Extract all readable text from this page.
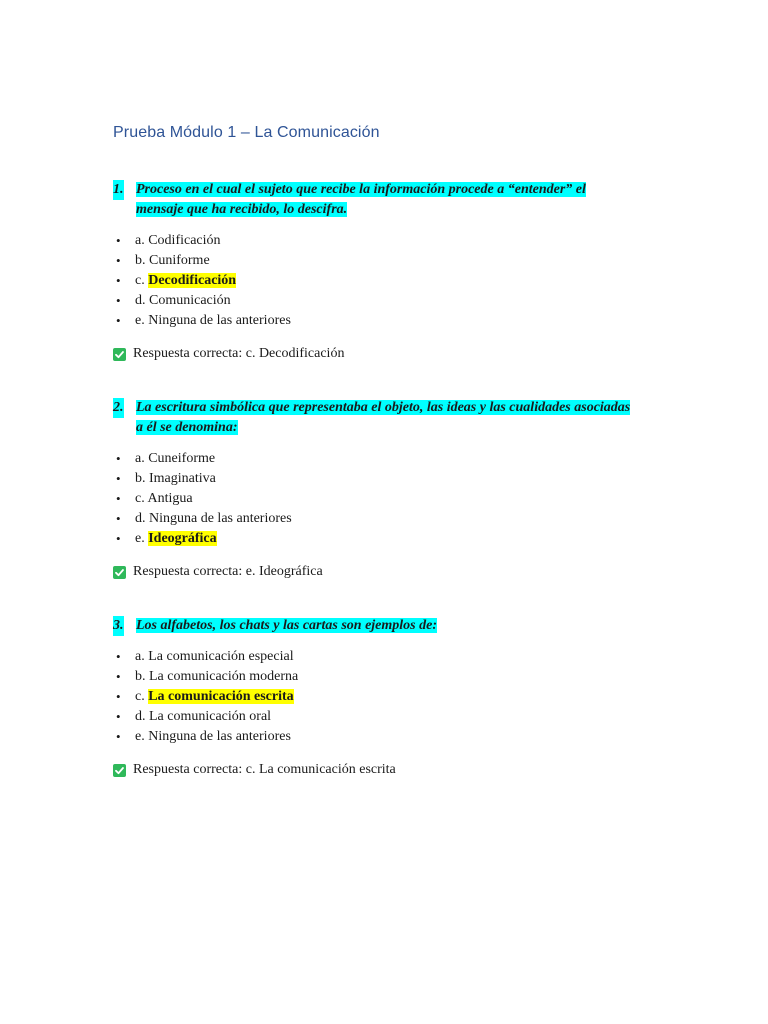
Prueba Módulo 1 – La Comunicación

1. Proceso en el cual el sujeto que recibe la información procede a “entender” el mensaje que ha recibido, lo descifra.

• a. Codificación
• b. Cuniforme
• c. Decodificación
• d. Comunicación
• e. Ninguna de las anteriores
Respuesta correcta: c. Decodificación

2. La escritura simbólica que representaba el objeto, las ideas y las cualidades asociadas a él se denomina:

• a. Cuneiforme
• b. Imaginativa
• c. Antigua
• d. Ninguna de las anteriores
• e. Ideográfica
Respuesta correcta: e. Ideográfica

3. Los alfabetos, los chats y las cartas son ejemplos de:

• a. La comunicación especial
• b. La comunicación moderna
• c. La comunicación escrita
• d. La comunicación oral
• e. Ninguna de las anteriores
Respuesta correcta: c. La comunicación escrita
